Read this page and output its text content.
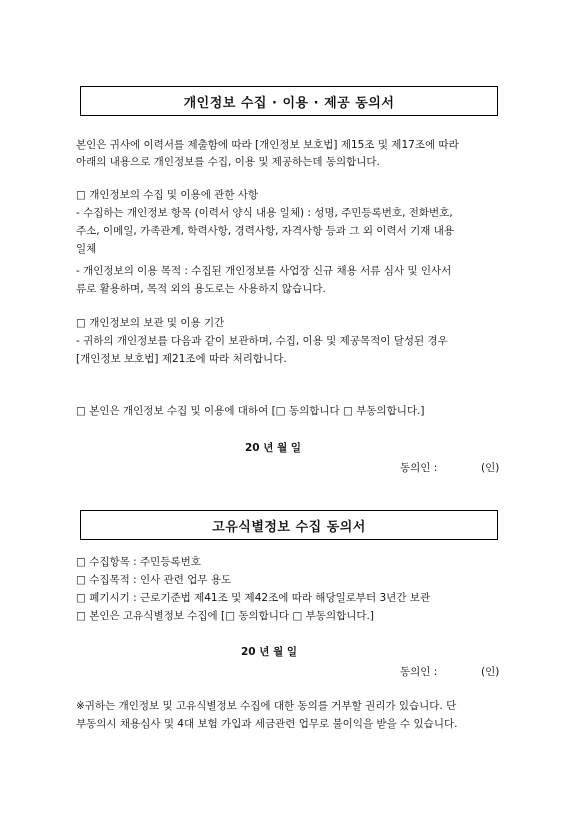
개인정보 수집 · 이용 · 제공 동의서
본인은 귀사에 이력서를 제출함에 따라 [개인정보 보호법] 제15조 및 제17조에 따라
아래의 내용으로 개인정보를 수집, 이용 및 제공하는데 동의합니다.
□ 개인정보의 수집 및 이용에 관한 사항
- 수집하는 개인정보 항목 (이력서 양식 내용 일체) : 성명, 주민등록번호, 전화번호,
주소, 이메일, 가족관계, 학력사항, 경력사항, 자격사항 등과 그 외 이력서 기재 내용
일체
- 개인정보의 이용 목적 : 수집된 개인정보를 사업장 신규 채용 서류 심사 및 인사서
류로 활용하며, 목적 외의 용도로는 사용하지 않습니다.
□ 개인정보의 보관 및 이용 기간
- 귀하의 개인정보를 다음과 같이 보관하며, 수집, 이용 및 제공목적이 달성된 경우
[개인정보 보호법] 제21조에 따라 처리합니다.
□ 본인은 개인정보 수집 및 이용에 대하여 [□ 동의합니다 □ 부동의합니다.]
20 년 월 일
동의인 :	(인)
고유식별정보 수집 동의서
□ 수집항목 : 주민등록번호
□ 수집목적 : 인사 관련 업무 용도
□ 폐기시기 : 근로기준법 제41조 및 제42조에 따라 해당일로부터 3년간 보관
□ 본인은 고유식별정보 수집에 [□ 동의합니다 □ 부동의합니다.]
20 년 월 일
동의인 :	(인)
※귀하는 개인정보 및 고유식별정보 수집에 대한 동의를 거부할 권리가 있습니다. 단
부동의시 채용심사 및 4대 보험 가입과 세금관련 업무로 불이익을 받을 수 있습니다.
